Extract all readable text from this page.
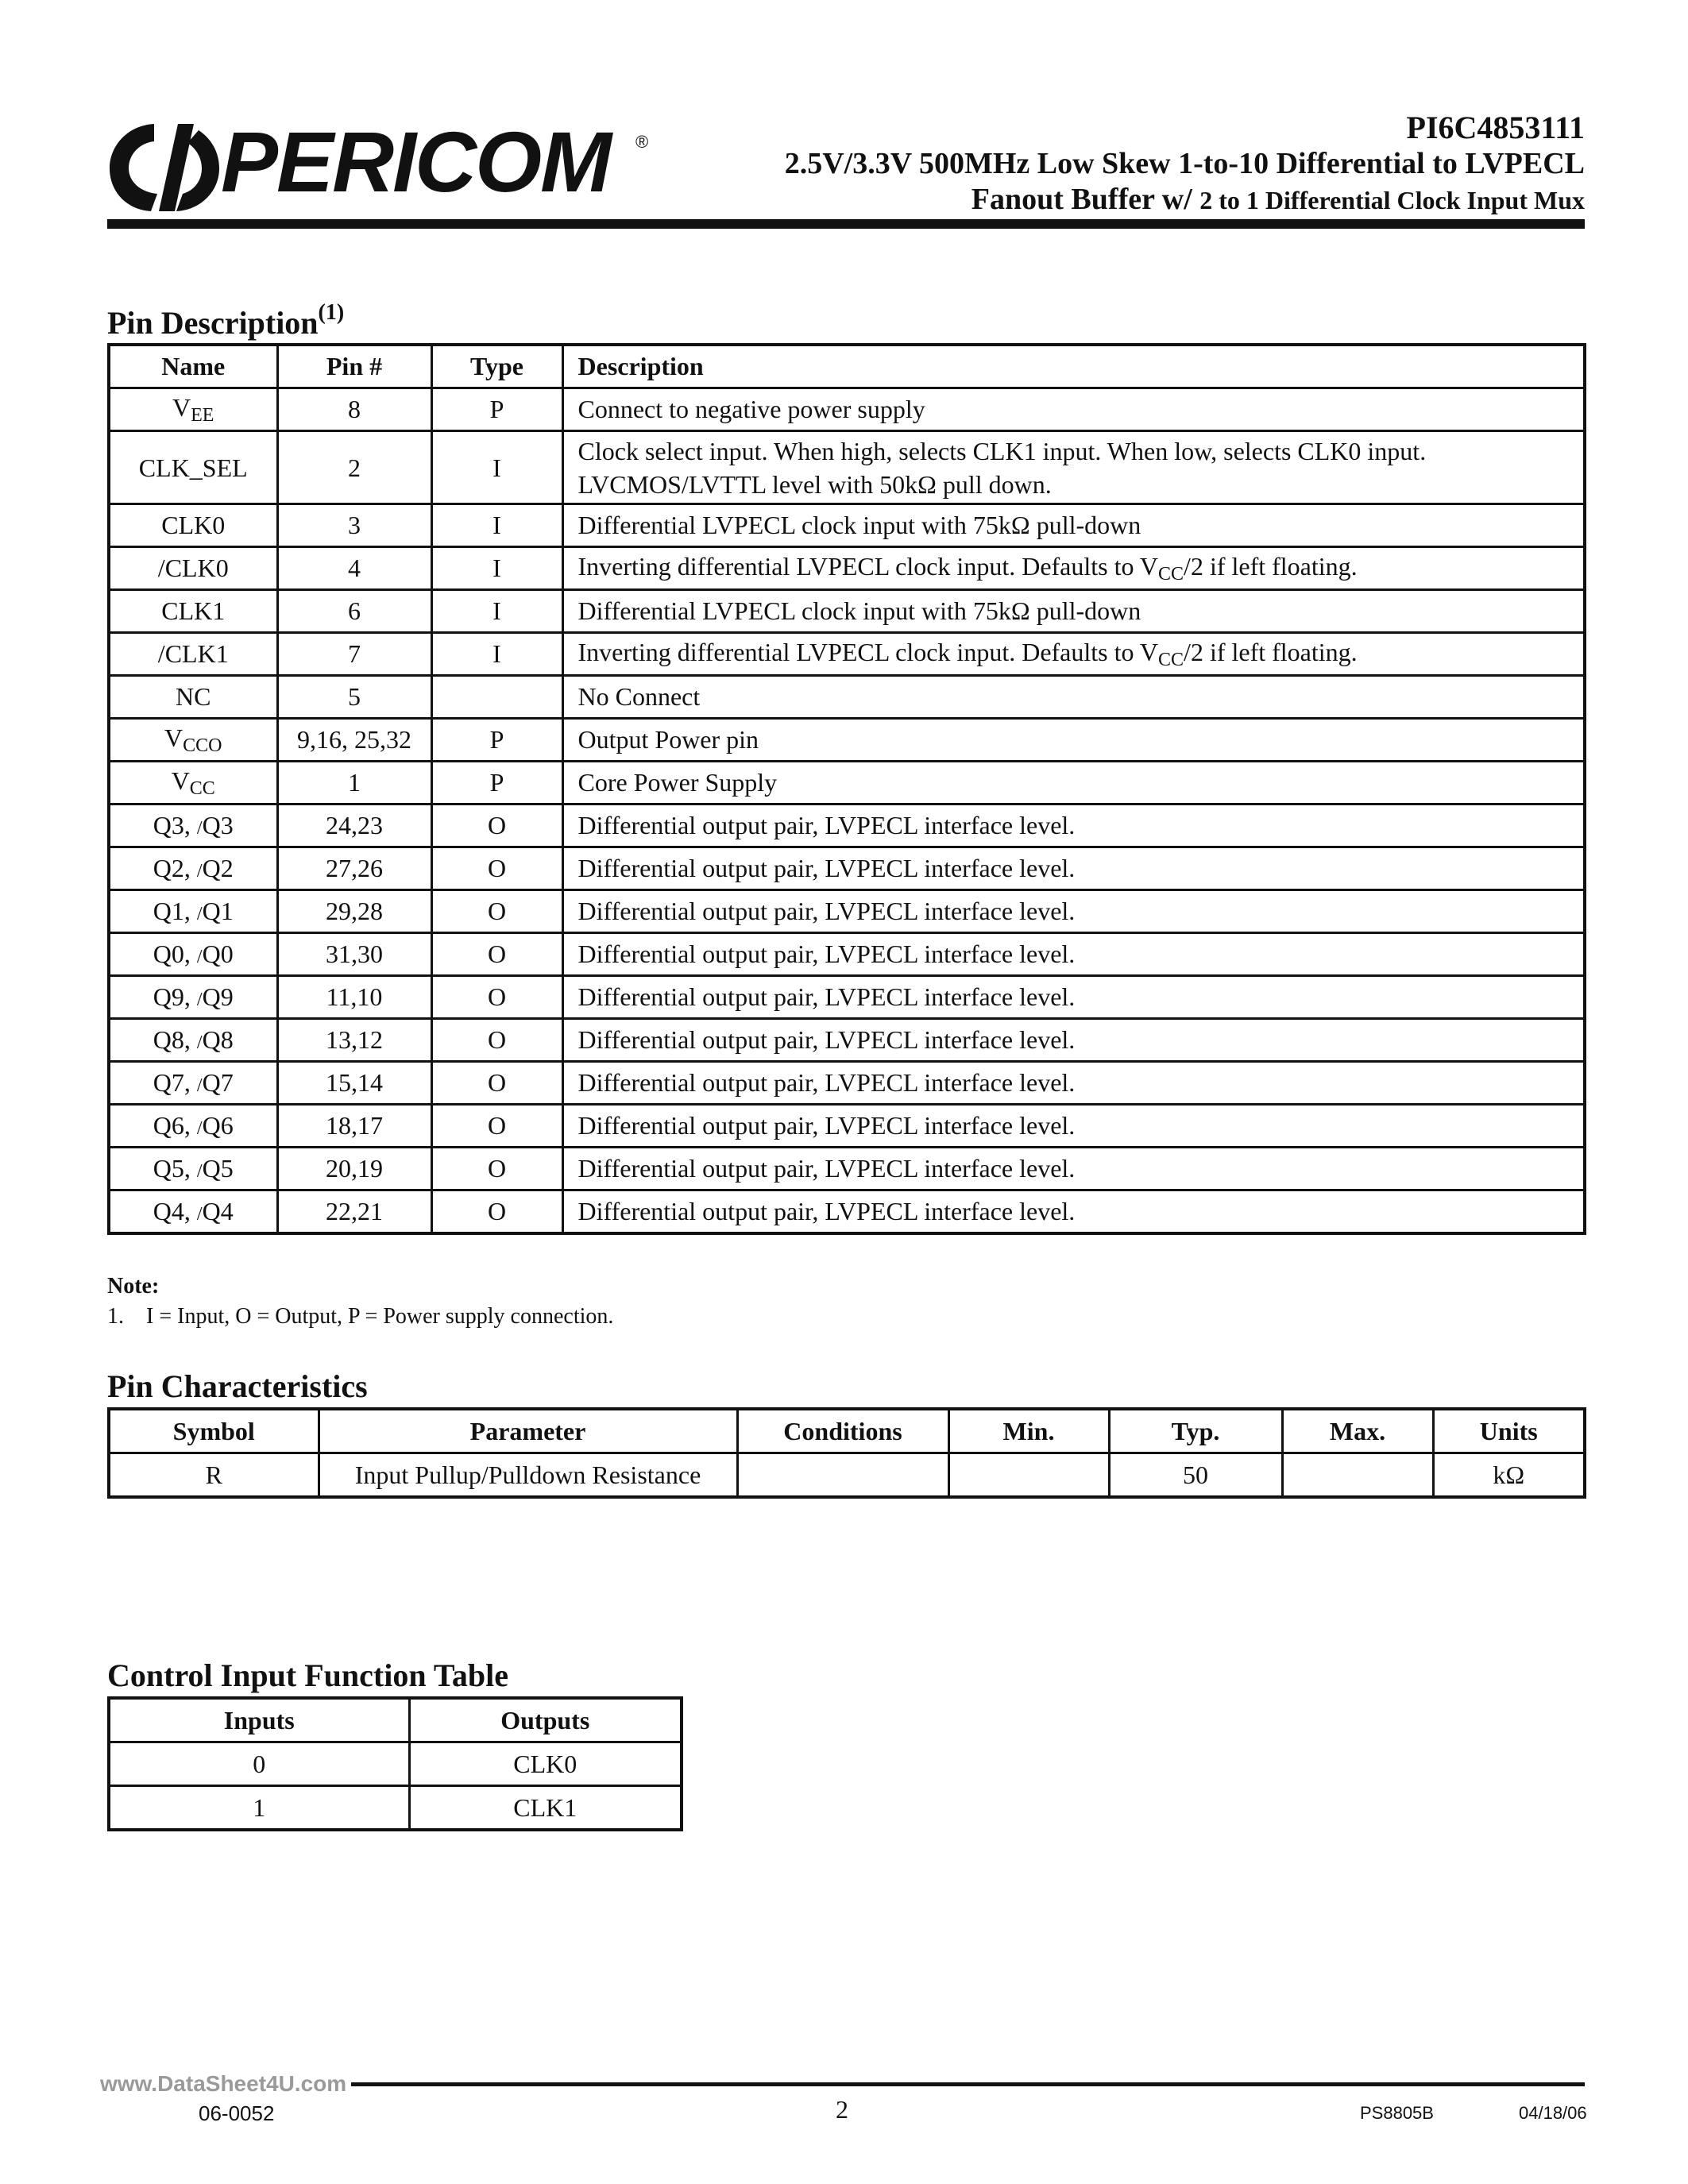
PERICOM ®	PI6C4853111
2.5V/3.3V 500MHz Low Skew 1-to-10 Differential to LVPECL
Fanout Buffer w/ 2 to 1 Differential Clock Input Mux
Pin Description$^{(1)}$
Name	Pin #	Type	Description
$V_{EE}$	8	P	Connect to negative power supply
CLK_SEL	2	I	Clock select input. When high, selects CLK1 input. When low, selects CLK0 input.
LVCMOS/LVTTL level with 50kΩ pull down.
CLK0	3	I	Differential LVPECL clock input with 75kΩ pull-down
/CLK0	4	I	Inverting differential LVPECL clock input. Defaults to $V_{CC}/2$ if left floating.
CLK1	6	I	Differential LVPECL clock input with 75kΩ pull-down
/CLK1	7	I	Inverting differential LVPECL clock input. Defaults to $V_{CC}/2$ if left floating.
NC	5		No Connect
$V_{CCO}$	9,16, 25,32	P	Output Power pin
$V_{CC}$	1	P	Core Power Supply
Q3, /Q3	24,23	O	Differential output pair, LVPECL interface level.
Q2, /Q2	27,26	O	Differential output pair, LVPECL interface level.
Q1, /Q1	29,28	O	Differential output pair, LVPECL interface level.
Q0, /Q0	31,30	O	Differential output pair, LVPECL interface level.
Q9, /Q9	11,10	O	Differential output pair, LVPECL interface level.
Q8, /Q8	13,12	O	Differential output pair, LVPECL interface level.
Q7, /Q7	15,14	O	Differential output pair, LVPECL interface level.
Q6, /Q6	18,17	O	Differential output pair, LVPECL interface level.
Q5, /Q5	20,19	O	Differential output pair, LVPECL interface level.
Q4, /Q4	22,21	O	Differential output pair, LVPECL interface level.
Note:
1. I = Input, O = Output, P = Power supply connection.
Pin Characteristics
Symbol	Parameter	Conditions	Min.	Typ.	Max.	Units
R	Input Pullup/Pulldown Resistance			50		kΩ
Control Input Function Table
Inputs	Outputs
0	CLK0
1	CLK1
www.DataSheet4U.com
06-0052	2	PS8805B	04/18/06
